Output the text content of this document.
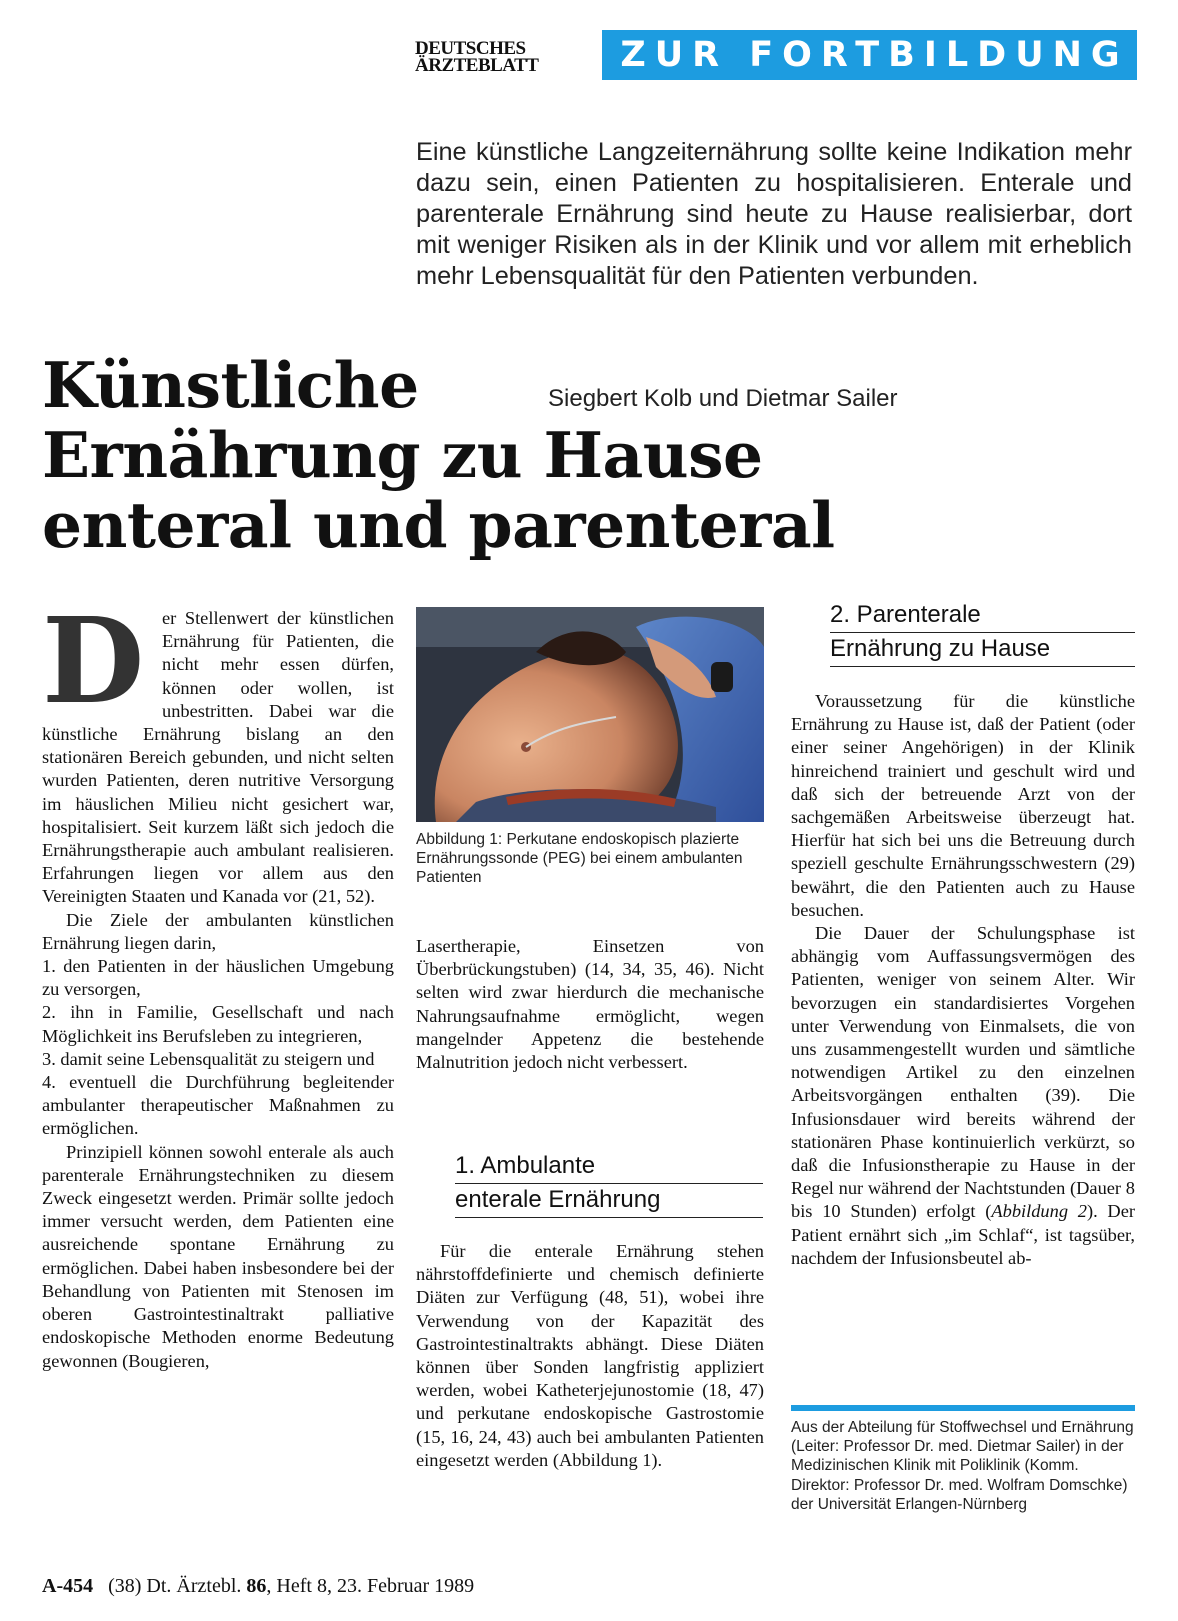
DEUTSCHES
ÄRZTEBLATT	ZUR FORTBILDUNG
Eine künstliche Langzeiternährung sollte keine Indikation mehr dazu sein, einen Patienten zu hospitalisieren. Enterale und parenterale Ernährung sind heute zu Hause realisierbar, dort mit weniger Risiken als in der Klinik und vor allem mit erheblich mehr Lebensqualität für den Patienten verbunden.
Künstliche
Ernährung zu Hause
enteral und parenteral
Siegbert Kolb und Dietmar Sailer
D er Stellenwert der künstlichen Ernährung für Patienten, die nicht mehr essen dürfen, können oder wollen, ist unbestritten. Dabei war die künstliche Ernährung bislang an den stationären Bereich gebunden, und nicht selten wurden Patienten, deren nutritive Versorgung im häuslichen Milieu nicht gesichert war, hospitalisiert. Seit kurzem läßt sich jedoch die Ernährungstherapie auch ambulant realisieren. Erfahrungen liegen vor allem aus den Vereinigten Staaten und Kanada vor (21, 52).

Die Ziele der ambulanten künstlichen Ernährung liegen darin,

1. den Patienten in der häuslichen Umgebung zu versorgen,

2. ihn in Familie, Gesellschaft und nach Möglichkeit ins Berufsleben zu integrieren,

3. damit seine Lebensqualität zu steigern und

4. eventuell die Durchführung begleitender ambulanter therapeutischer Maßnahmen zu ermöglichen.

Prinzipiell können sowohl enterale als auch parenterale Ernährungstechniken zu diesem Zweck eingesetzt werden. Primär sollte jedoch immer versucht werden, dem Patienten eine ausreichende spontane Ernährung zu ermöglichen. Dabei haben insbesondere bei der Behandlung von Patienten mit Stenosen im oberen Gastrointestinaltrakt palliative endoskopische Methoden enorme Bedeutung gewonnen (Bougieren,

Abbildung 1: Perkutane endoskopisch plazierte Ernährungssonde (PEG) bei einem ambulanten Patienten

Lasertherapie, Einsetzen von Überbrückungstuben) (14, 34, 35, 46). Nicht selten wird zwar hierdurch die mechanische Nahrungsaufnahme ermöglicht, wegen mangelnder Appetenz die bestehende Malnutrition jedoch nicht verbessert.

1. Ambulante
enterale Ernährung

Für die enterale Ernährung stehen nährstoffdefinierte und chemisch definierte Diäten zur Verfügung (48, 51), wobei ihre Verwendung von der Kapazität des Gastrointestinaltrakts abhängt. Diese Diäten können über Sonden langfristig appliziert werden, wobei Katheterjejunostomie (18, 47) und perkutane endoskopische Gastrostomie (15, 16, 24, 43) auch bei ambulanten Patienten eingesetzt werden (Abbildung 1).

2. Parenterale
Ernährung zu Hause

Voraussetzung für die künstliche Ernährung zu Hause ist, daß der Patient (oder einer seiner Angehörigen) in der Klinik hinreichend trainiert und geschult wird und daß sich der betreuende Arzt von der sachgemäßen Arbeitsweise überzeugt hat. Hierfür hat sich bei uns die Betreuung durch speziell geschulte Ernährungsschwestern (29) bewährt, die den Patienten auch zu Hause besuchen.

Die Dauer der Schulungsphase ist abhängig vom Auffassungsvermögen des Patienten, weniger von seinem Alter. Wir bevorzugen ein standardisiertes Vorgehen unter Verwendung von Einmalsets, die von uns zusammengestellt wurden und sämtliche notwendigen Artikel zu den einzelnen Arbeitsvorgängen enthalten (39). Die Infusionsdauer wird bereits während der stationären Phase kontinuierlich verkürzt, so daß die Infusionstherapie zu Hause in der Regel nur während der Nachtstunden (Dauer 8 bis 10 Stunden) erfolgt (Abbildung 2). Der Patient ernährt sich „im Schlaf“, ist tagsüber, nachdem der Infusionsbeutel ab-

Aus der Abteilung für Stoffwechsel und Ernährung (Leiter: Professor Dr. med. Dietmar Sailer) in der Medizinischen Klinik mit Poliklinik (Komm. Direktor: Professor Dr. med. Wolfram Domschke) der Universität Erlangen-Nürnberg
A-454 (38) Dt. Ärztebl. 86, Heft 8, 23. Februar 1989
